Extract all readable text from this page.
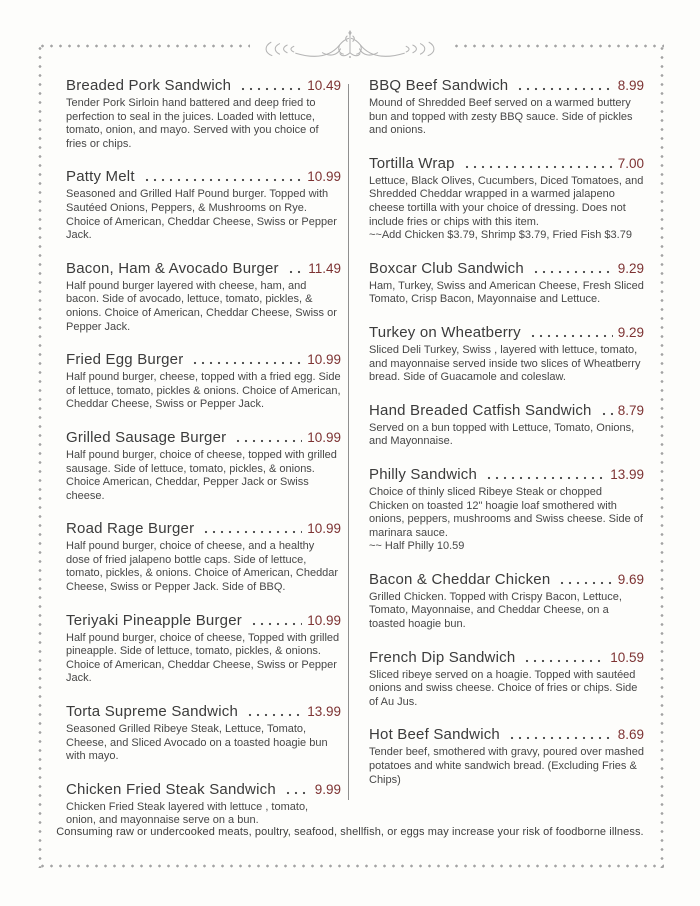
Breaded Pork Sandwich	10.49

Tender Pork Sirloin hand battered and deep fried to perfection to seal in the juices. Loaded with lettuce, tomato, onion, and mayo. Served with you choice of fries or chips.

Patty Melt	10.99

Seasoned and Grilled Half Pound burger. Topped with Sautéed Onions, Peppers, & Mushrooms on Rye. Choice of American, Cheddar Cheese, Swiss or Pepper Jack.

Bacon, Ham & Avocado Burger 11.49

Half pound burger layered with cheese, ham, and bacon. Side of avocado, lettuce, tomato, pickles, & onions. Choice of American, Cheddar Cheese, Swiss or Pepper Jack.

Fried Egg Burger	10.99

Half pound burger, cheese, topped with a fried egg. Side of lettuce, tomato, pickles & onions. Choice of American, Cheddar Cheese, Swiss or Pepper Jack.

Grilled Sausage Burger	10.99

Half pound burger, choice of cheese, topped with grilled sausage. Side of lettuce, tomato, pickles, & onions. Choice American, Cheddar, Pepper Jack or Swiss cheese.

Road Rage Burger	10.99

Half pound burger, choice of cheese, and a healthy dose of fried jalapeno bottle caps. Side of lettuce, tomato, pickles, & onions. Choice of American, Cheddar Cheese, Swiss or Pepper Jack. Side of BBQ.

Teriyaki Pineapple Burger	10.99

Half pound burger, choice of cheese, Topped with grilled pineapple. Side of lettuce, tomato, pickles, & onions. Choice of American, Cheddar Cheese, Swiss or Pepper Jack.

Torta Supreme Sandwich	13.99

Seasoned Grilled Ribeye Steak, Lettuce, Tomato, Cheese, and Sliced Avocado on a toasted hoagie bun with mayo.

Chicken Fried Steak Sandwich	9.99

Chicken Fried Steak layered with lettuce , tomato, onion, and mayonnaise serve on a bun.

BBQ Beef Sandwich	8.99

Mound of Shredded Beef served on a warmed buttery bun and topped with zesty BBQ sauce. Side of pickles and onions.

Tortilla Wrap	7.00

Lettuce, Black Olives, Cucumbers, Diced Tomatoes, and Shredded Cheddar wrapped in a warmed jalapeno cheese tortilla with your choice of dressing. Does not include fries or chips with this item.

~~Add Chicken $3.79, Shrimp $3.79, Fried Fish $3.79

Boxcar Club Sandwich	9.29

Ham, Turkey, Swiss and American Cheese, Fresh Sliced Tomato, Crisp Bacon, Mayonnaise and Lettuce.

Turkey on Wheatberry	9.29

Sliced Deli Turkey, Swiss , layered with lettuce, tomato, and mayonnaise served inside two slices of Wheatberry bread. Side of Guacamole and coleslaw.

Hand Breaded Catfish Sandwich 8.79

Served on a bun topped with Lettuce, Tomato, Onions, and Mayonnaise.

Philly Sandwich	13.99

Choice of thinly sliced Ribeye Steak or chopped Chicken on toasted 12" hoagie loaf smothered with onions, peppers, mushrooms and Swiss cheese. Side of marinara sauce.

~~ Half Philly 10.59

Bacon & Cheddar Chicken	9.69

Grilled Chicken. Topped with Crispy Bacon, Lettuce, Tomato, Mayonnaise, and Cheddar Cheese, on a toasted hoagie bun.

French Dip Sandwich	10.59

Sliced ribeye served on a hoagie. Topped with sautéed onions and swiss cheese. Choice of fries or chips. Side of Au Jus.

Hot Beef Sandwich	8.69

Tender beef, smothered with gravy, poured over mashed potatoes and white sandwich bread. (Excluding Fries & Chips)

Consuming raw or undercooked meats, poultry, seafood, shellfish, or eggs may increase your risk of foodborne illness.
